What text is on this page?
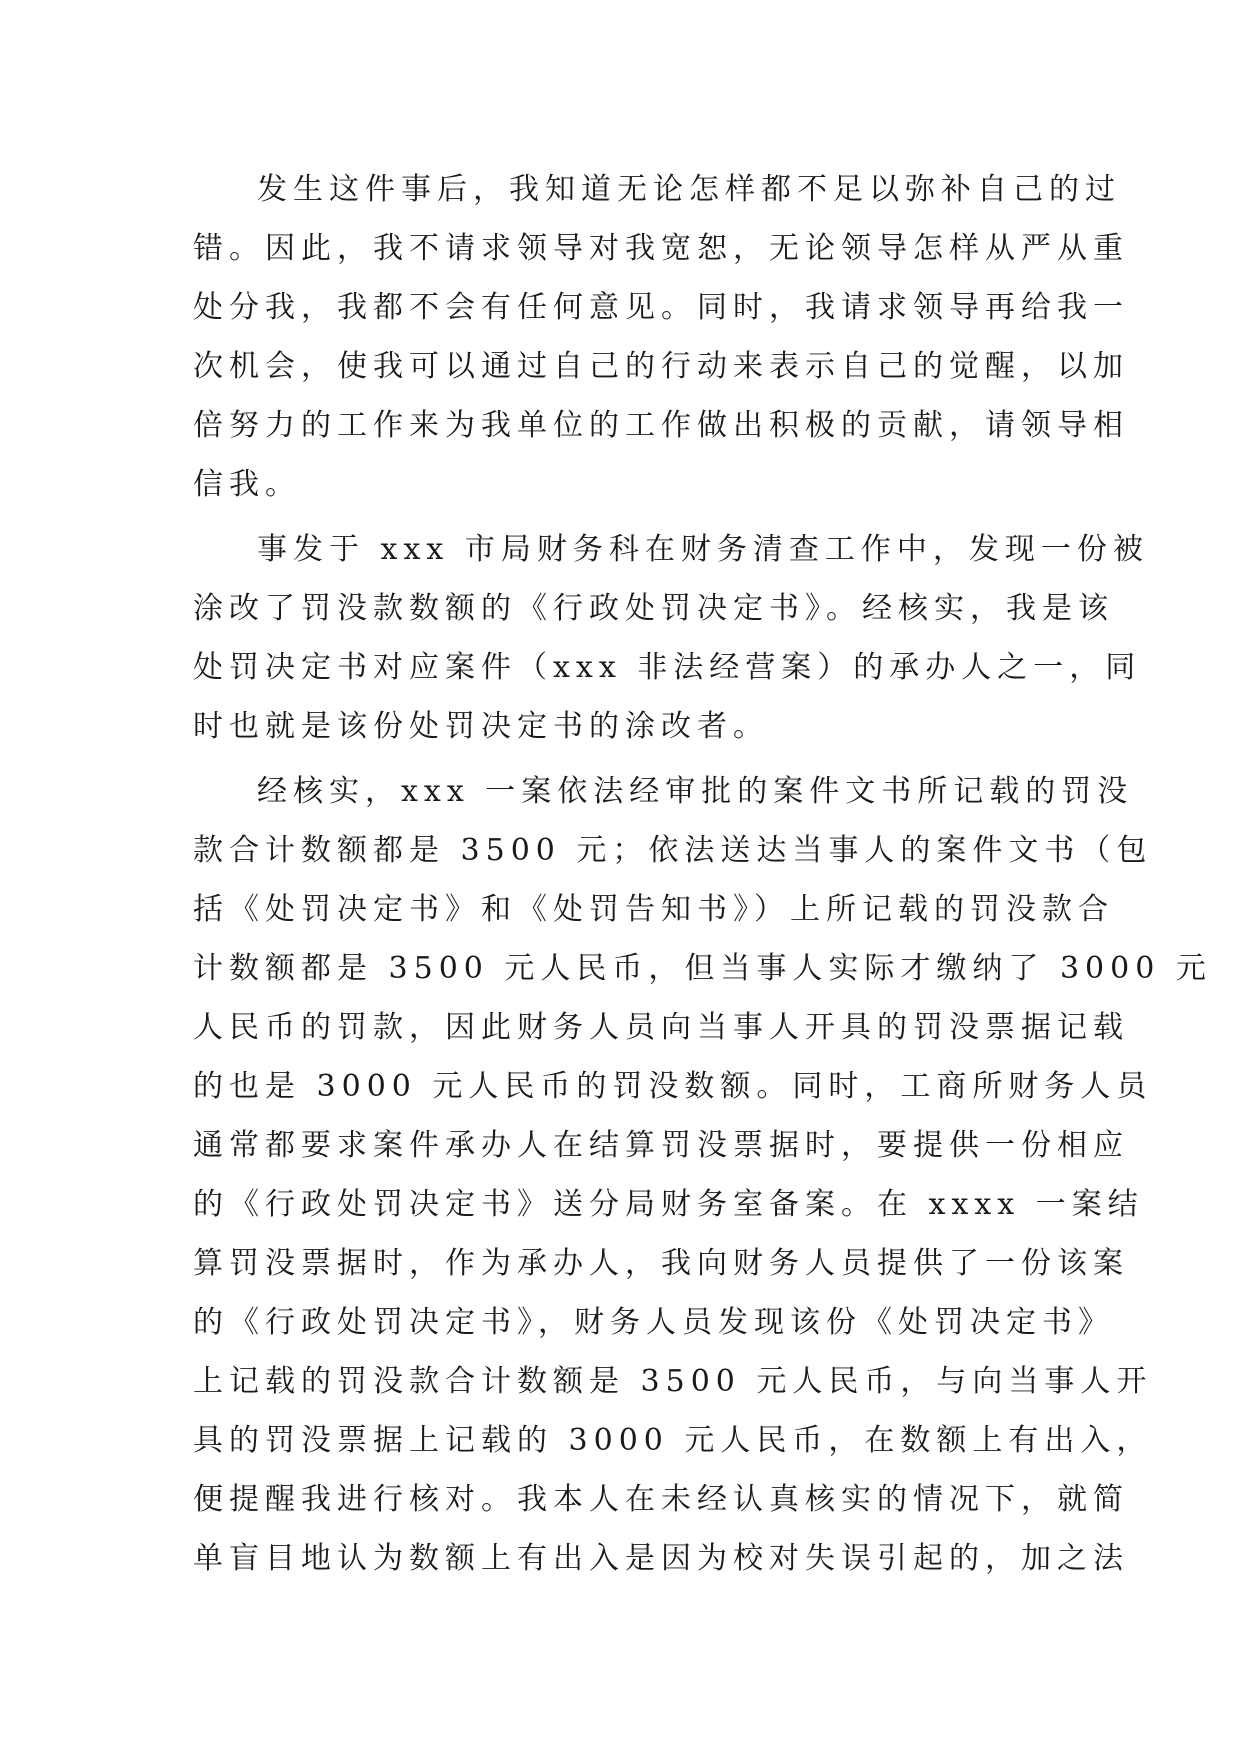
发生这件事后，我知道无论怎样都不足以弥补自己的过
错。因此，我不请求领导对我宽恕，无论领导怎样从严从重
处分我，我都不会有任何意见。同时，我请求领导再给我一
次机会，使我可以通过自己的行动来表示自己的觉醒，以加
倍努力的工作来为我单位的工作做出积极的贡献，请领导相
信我。
事发于 xxx 市局财务科在财务清查工作中，发现一份被
涂改了罚没款数额的《行政处罚决定书》。经核实，我是该
处罚决定书对应案件（xxx 非法经营案）的承办人之一，同
时也就是该份处罚决定书的涂改者。
经核实，xxx 一案依法经审批的案件文书所记载的罚没
款合计数额都是 3500 元；依法送达当事人的案件文书（包
括《处罚决定书》和《处罚告知书》）上所记载的罚没款合
计数额都是 3500 元人民币，但当事人实际才缴纳了 3000 元
人民币的罚款，因此财务人员向当事人开具的罚没票据记载
的也是 3000 元人民币的罚没数额。同时，工商所财务人员
通常都要求案件承办人在结算罚没票据时，要提供一份相应
的《行政处罚决定书》送分局财务室备案。在 xxxx 一案结
算罚没票据时，作为承办人，我向财务人员提供了一份该案
的《行政处罚决定书》，财务人员发现该份《处罚决定书》
上记载的罚没款合计数额是 3500 元人民币，与向当事人开
具的罚没票据上记载的 3000 元人民币，在数额上有出入，
便提醒我进行核对。我本人在未经认真核实的情况下，就简
单盲目地认为数额上有出入是因为校对失误引起的，加之法
